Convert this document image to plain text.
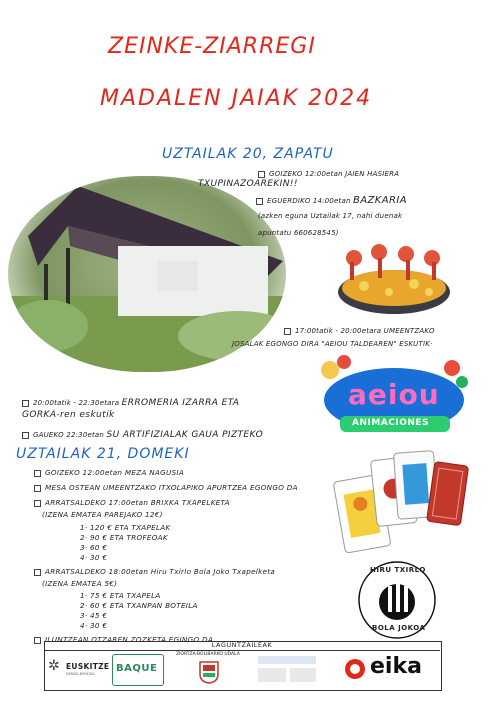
ZEINKE-ZIARREGI
MADALEN JAIAK 2024
UZTAILAK 20, ZAPATU
GOIZEKO 12:00etan JAIEN HASIERA
TXUPINAZOAREKIN!!
EGUERDIKO 14:00etan BAZKARIA
(azken eguna Uztailak 17, nahi duenak
apuntatu 660628545)
17:00tatik - 20:00etara UMEENTZAKO
JOSALAK EGONGO DIRA "AEIOU TALDEAREN" ESKUTIK·
aeiou
ANIMACIONES
20:00tatik - 22:30etara ERROMERIA IZARRA ETA
GORKA-ren eskutik
GAUEKO 22:30etan SU ARTIFIZIALAK GAUA PIZTEKO
UZTAILAK 21, DOMEKI
GOIZEKO 12:00etan MEZA NAGUSIA
MESA OSTEAN UMEENTZAKO ITXOLAPIKO APURTZEA EGONGO DA
ARRATSALDEKO 17:00etan BRIXKA TXAPELKETA
(IZENA EMATEA PAREJAKO 12€)
1· 120 € ETA TXAPELAK
2· 90 € ETA TROFEOAK
3· 60 €
4· 30 €
ARRATSALDEKO 18:00etan Hiru Txirlo Bola Joko Txapelketa
(IZENA EMATEA 5€)
1· 75 € ETA TXAPELA
2· 60 € ETA TXANPAN BOTEILA
3· 45 €
4· 30 €
ILUNTZEAN OTZAREN ZOZKETA EGINGO DA
HIRU TXIRLO
BOLA JOKOA
LAGUNTZAILEAK
✲ EUSKITZE
DENDA-BEREZIA BAQUE
ZIORTZA-BOLIBARKO UDALA	eika
